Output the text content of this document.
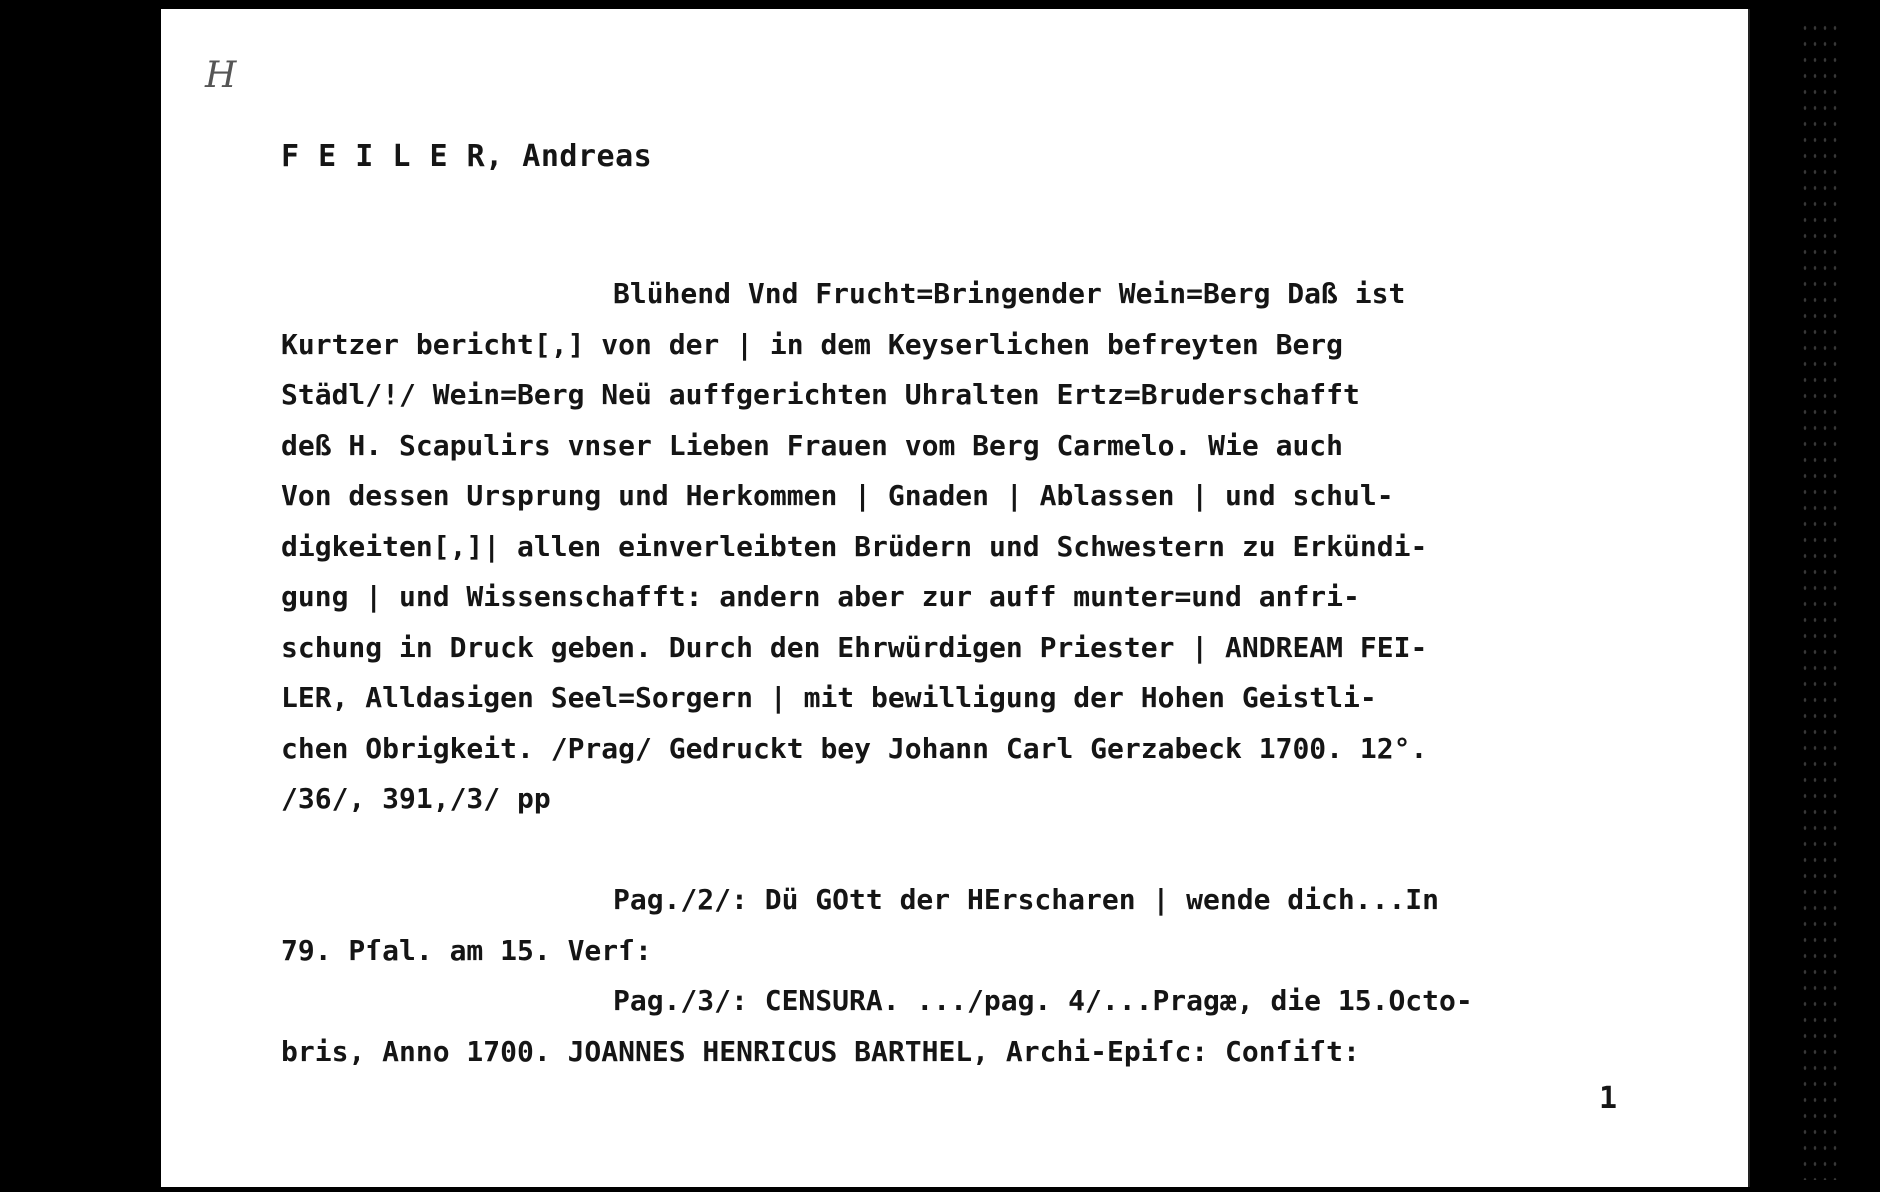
H
F E I L E R, Andreas
Blühend Vnd Frucht=Bringender Wein=Berg Daß ist
Kurtzer bericht[,] von der | in dem Keyserlichen befreyten Berg
Städl/!/ Wein=Berg Neü auffgerichten Uhralten Ertz=Bruderschafft
deß H. Scapulirs vnser Lieben Frauen vom Berg Carmelo. Wie auch
Von dessen Ursprung und Herkommen | Gnaden | Ablassen | und schul-
digkeiten[,]| allen einverleibten Brüdern und Schwestern zu Erkündi-
gung | und Wissenschafft: andern aber zur auff munter=und anfri-
schung in Druck geben. Durch den Ehrwürdigen Priester | ANDREAM FEI-
LER, Alldasigen Seel=Sorgern | mit bewilligung der Hohen Geistli-
chen Obrigkeit. /Prag/ Gedruckt bey Johann Carl Gerzabeck 1700. 12°.
/36/, 391,/3/ pp

Pag./2/: Dü GOtt der HErscharen | wende dich...In
79. Pſal. am 15. Verſ:
Pag./3/: CENSURA. .../pag. 4/...Pragæ, die 15.Octo-
bris, Anno 1700. JOANNES HENRICUS BARTHEL, Archi-Epiſc: Conſiſt:
1
